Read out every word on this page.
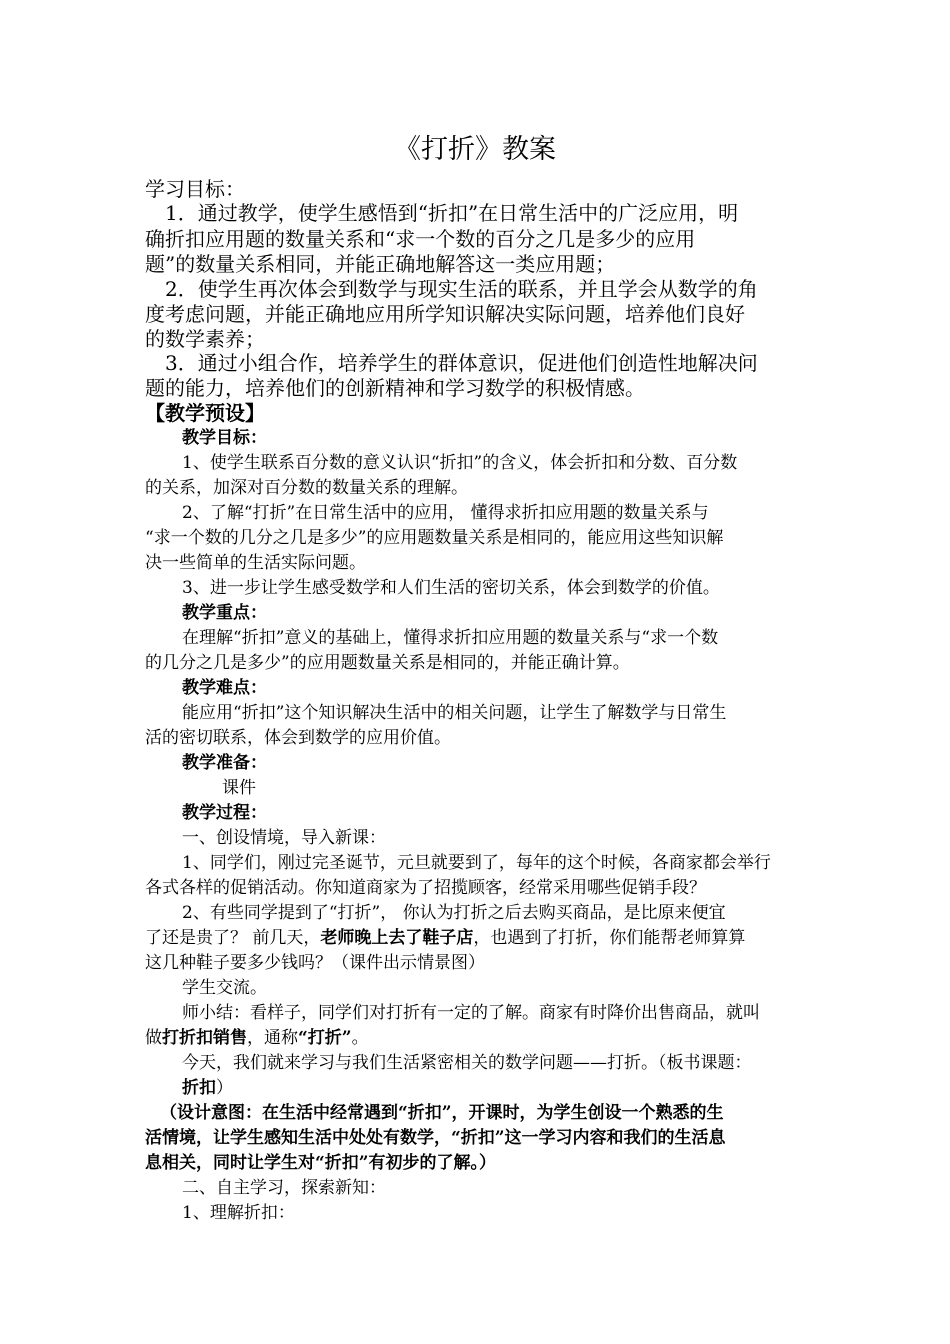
《打折》教案
学习目标：
1．通过教学，使学生感悟到“折扣”在日常生活中的广泛应用，明
确折扣应用题的数量关系和“求一个数的百分之几是多少的应用
题”的数量关系相同，并能正确地解答这一类应用题；
2．使学生再次体会到数学与现实生活的联系，并且学会从数学的角
度考虑问题，并能正确地应用所学知识解决实际问题，培养他们良好
的数学素养；
3．通过小组合作，培养学生的群体意识，促进他们创造性地解决问
题的能力，培养他们的创新精神和学习数学的积极情感。
【教学预设】
教学目标：
1、使学生联系百分数的意义认识“折扣”的含义，体会折扣和分数、百分数
的关系，加深对百分数的数量关系的理解。
2、了解“打折”在日常生活中的应用， 懂得求折扣应用题的数量关系与
“求一个数的几分之几是多少”的应用题数量关系是相同的，能应用这些知识解
决一些简单的生活实际问题。
3、进一步让学生感受数学和人们生活的密切关系，体会到数学的价值。
教学重点：
在理解“折扣”意义的基础上，懂得求折扣应用题的数量关系与“求一个数
的几分之几是多少”的应用题数量关系是相同的，并能正确计算。
教学难点：
能应用“折扣”这个知识解决生活中的相关问题，让学生了解数学与日常生
活的密切联系，体会到数学的应用价值。
教学准备：
课件
教学过程：
一、创设情境，导入新课：
1、同学们，刚过完圣诞节，元旦就要到了，每年的这个时候，各商家都会举行
各式各样的促销活动。你知道商家为了招揽顾客，经常采用哪些促销手段？
2、有些同学提到了“打折”， 你认为打折之后去购买商品，是比原来便宜
了还是贵了？ 前几天，老师晚上去了鞋子店，也遇到了打折，你们能帮老师算算
这几种鞋子要多少钱吗？（课件出示情景图）
学生交流。
师小结：看样子，同学们对打折有一定的了解。商家有时降价出售商品，就叫
做打折扣销售，通称“打折”。
今天，我们就来学习与我们生活紧密相关的数学问题——打折。（板书课题：
折扣）
（设计意图：在生活中经常遇到“折扣”，开课时，为学生创设一个熟悉的生
活情境，让学生感知生活中处处有数学，“折扣”这一学习内容和我们的生活息
息相关，同时让学生对“折扣”有初步的了解。）
二、自主学习，探索新知：
1、理解折扣：
